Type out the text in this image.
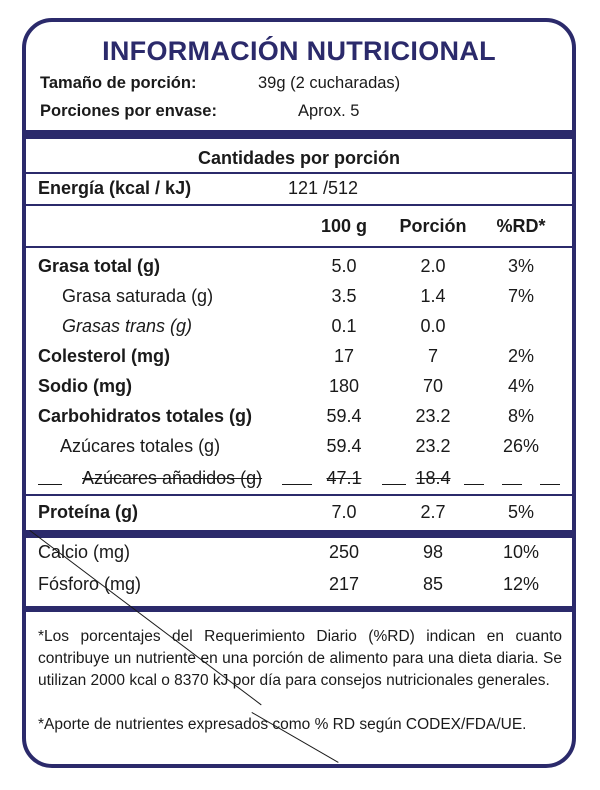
INFORMACIÓN NUTRICIONAL
Tamaño de porción:	39g (2 cucharadas)
Porciones por envase:	Aprox. 5
Cantidades por porción
Energía (kcal / kJ)	121 /512
100 g	Porción	%RD*
Grasa total (g)	5.0	2.0	3%
Grasa saturada (g)	3.5	1.4	7%
Grasas trans (g)	0.1	0.0
Colesterol (mg)	17	7	2%
Sodio (mg)	180	70	4%
Carbohidratos totales (g)	59.4	23.2	8%
Azúcares totales (g)	59.4	23.2	26%
Azúcares añadidos (g)	47.1	18.4
Proteína (g)	7.0	2.7	5%
Calcio (mg)	250	98	10%
Fósforo (mg)	217	85	12%
*Los porcentajes del Requerimiento Diario (%RD) indican en cuanto contribuye un nutriente en una porción de alimento para una dieta diaria. Se utilizan 2000 kcal o 8370 kJ por día para consejos nutricionales generales.
*Aporte de nutrientes expresados como % RD según CODEX/FDA/UE.
